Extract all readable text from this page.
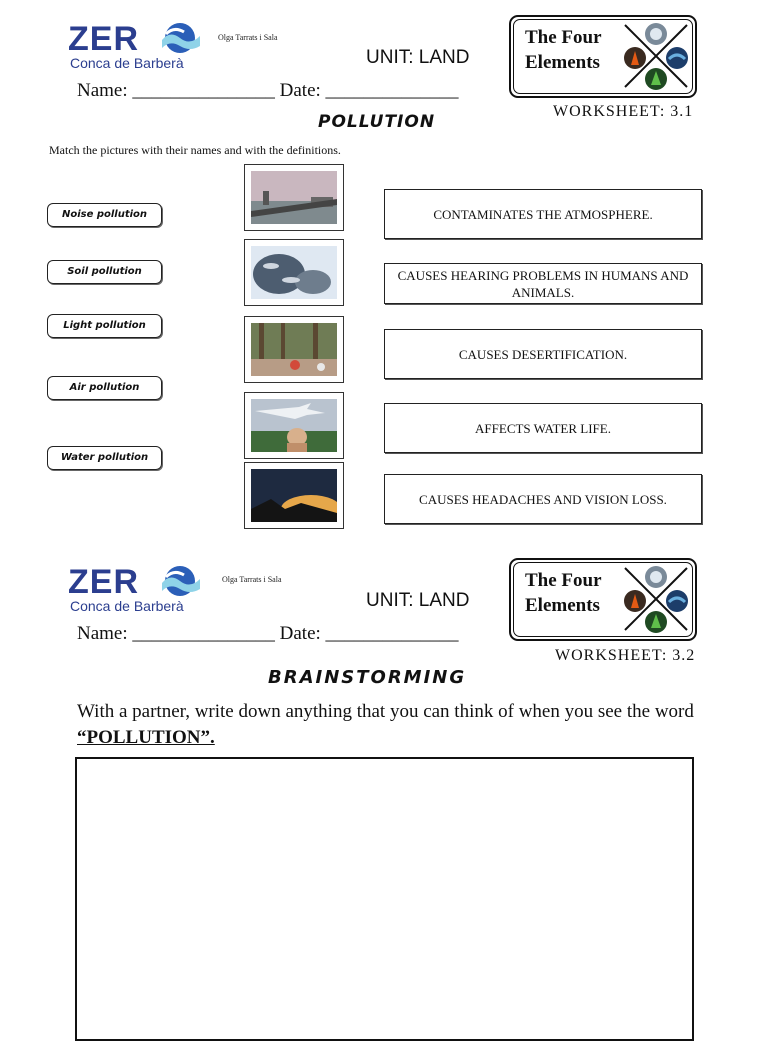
ZER
Conca de Barberà
Olga Tarrats i Sala
UNIT: LAND
Name: _______________ Date: ______________
The Four
Elements
WORKSHEET: 3.1
POLLUTION
Match the pictures with their names and with the definitions.
Noise pollution
Soil pollution
Light pollution
Air pollution
Water pollution
CONTAMINATES THE ATMOSPHERE.
CAUSES HEARING PROBLEMS IN HUMANS AND ANIMALS.
CAUSES DESERTIFICATION.
AFFECTS WATER LIFE.
CAUSES HEADACHES AND VISION LOSS.
ZER
Conca de Barberà
Olga Tarrats i Sala
UNIT: LAND
Name: _______________ Date: ______________
The Four
Elements
WORKSHEET: 3.2
BRAINSTORMING
With a partner, write down anything that you can think of when you see the word “POLLUTION”.
